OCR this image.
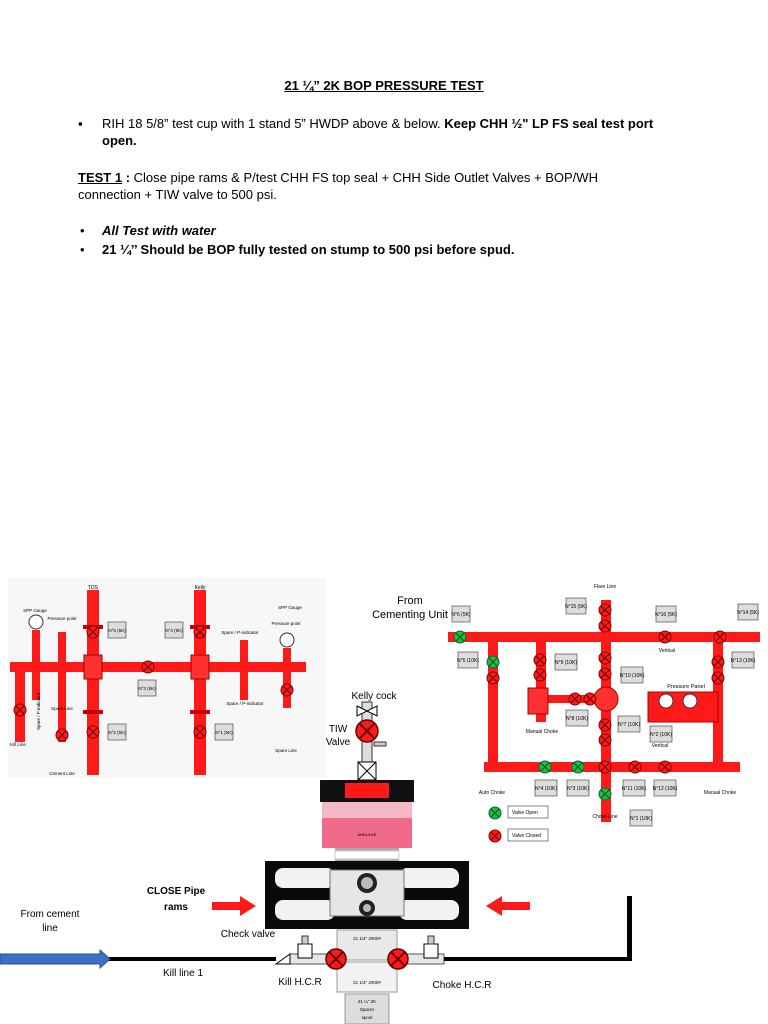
21 ¼” 2K BOP PRESSURE TEST
▪ RIH 18 5/8” test cup with 1 stand 5” HWDP above & below. Keep CHH ½" LP FS seal test port
open.
TEST 1 : Close pipe rams & P/test CHH FS top seal + CHH Side Outlet Valves + BOP/WH
connection + TIW valve to 500 psi.
• All Test with water
• 21 ¼’’ Should be BOP fully tested on stump to 500 psi before spud.
TDS	Kelly
SPP Gauge
SPP Gauge
Pressure point
Pressure point
Spare / P-indicator
Spare / P-indicator
Spare Line
Spare Line
Kill Line
Cement Line
Spare / P-indicator
N°5 (5K)	N°4 (5K)
N°3 (5K)
N°2 (5K)	N°1 (5K)
From
Cementing Unit
Pressure Panel
Flare Line
Vertical
Vertical
Manual Choke
Manual Choke
Auto Choke
Choke Line
N°6 (5K)
N°15 (5K)
N°16 (5K)	N°14 (5K)
N°5 (10K)	N°9 (10K)
N°10 (10K)
N°13 (10K)
N°8 (10K)
N°7 (10K)
N°2 (10K)
N°4 (10K) N°3 (10K)	N°11 (10K) N°12 (10K)
N°1 (10K)
Valve Open
Valve Closed
Kelly cock
TIW
Valve
ANNULAR
21 1/4" 2000#
21 1/4" 2000#
21 ¼" 2K
Spacer
spool
CLOSE Pipe
rams
From cement
line
Check valve
Kill line 1
Kill H.C.R	Choke H.C.R
